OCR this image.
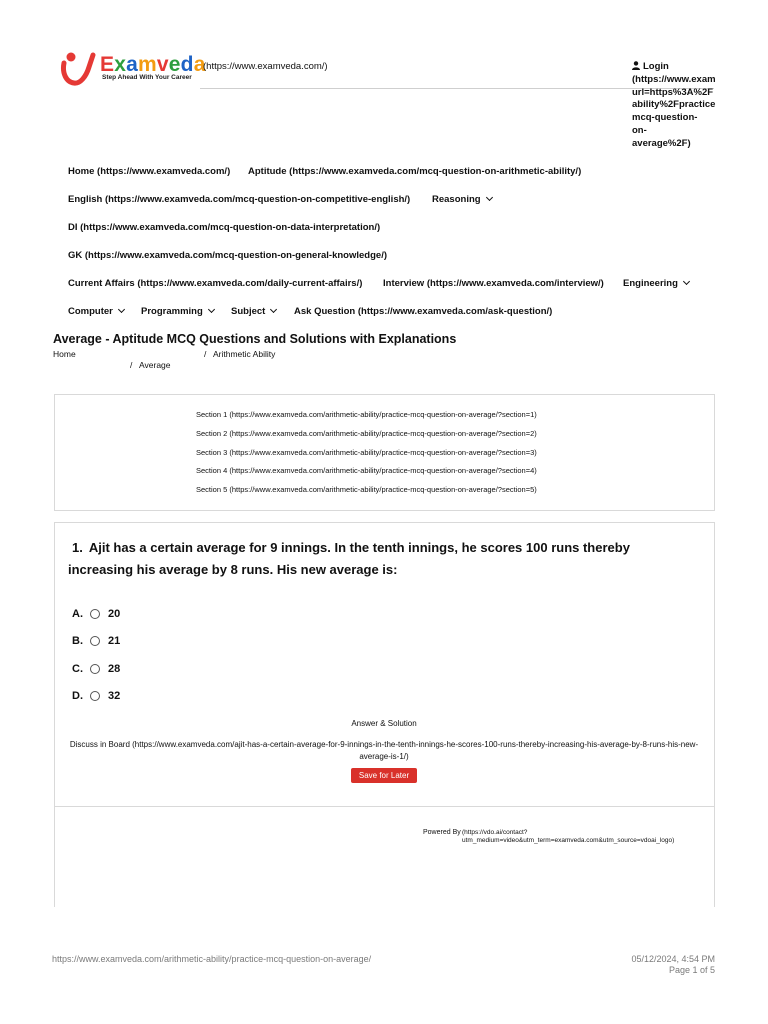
Examveda
Step Ahead With Your Career
(https://www.examveda.com/)	Login
(https://www.exam
url=https%3A%2F
ability%2Fpractice
mcq-question-
on-
average%2F)
Home (https://www.examveda.com/) Aptitude (https://www.examveda.com/mcq-question-on-arithmetic-ability/)
English (https://www.examveda.com/mcq-question-on-competitive-english/) Reasoning
DI (https://www.examveda.com/mcq-question-on-data-interpretation/)
GK (https://www.examveda.com/mcq-question-on-general-knowledge/)
Current Affairs (https://www.examveda.com/daily-current-affairs/) Interview (https://www.examveda.com/interview/) Engineering
Computer	Programming	Subject	Ask Question (https://www.examveda.com/ask-question/)
Average - Aptitude MCQ Questions and Solutions with Explanations
Home	/ Arithmetic Ability
/ Average
Section 1 (https://www.examveda.com/arithmetic-ability/practice-mcq-question-on-average/?section=1)
Section 2 (https://www.examveda.com/arithmetic-ability/practice-mcq-question-on-average/?section=2)
Section 3 (https://www.examveda.com/arithmetic-ability/practice-mcq-question-on-average/?section=3)
Section 4 (https://www.examveda.com/arithmetic-ability/practice-mcq-question-on-average/?section=4)
Section 5 (https://www.examveda.com/arithmetic-ability/practice-mcq-question-on-average/?section=5)
1. Ajit has a certain average for 9 innings. In the tenth innings, he scores 100 runs thereby increasing his average by 8 runs. His new average is:
A. 20
B. 21
C. 28
D. 32
Answer & Solution
Discuss in Board (https://www.examveda.com/ajit-has-a-certain-average-for-9-innings-in-the-tenth-innings-he-scores-100-runs-thereby-increasing-his-average-by-8-runs-his-new-average-is-1/)
Save for Later
Powered By (https://vdo.ai/contact?
utm_medium=video&utm_term=examveda.com&utm_source=vdoai_logo)
https://www.examveda.com/arithmetic-ability/practice-mcq-question-on-average/	05/12/2024, 4:54 PM
Page 1 of 5
